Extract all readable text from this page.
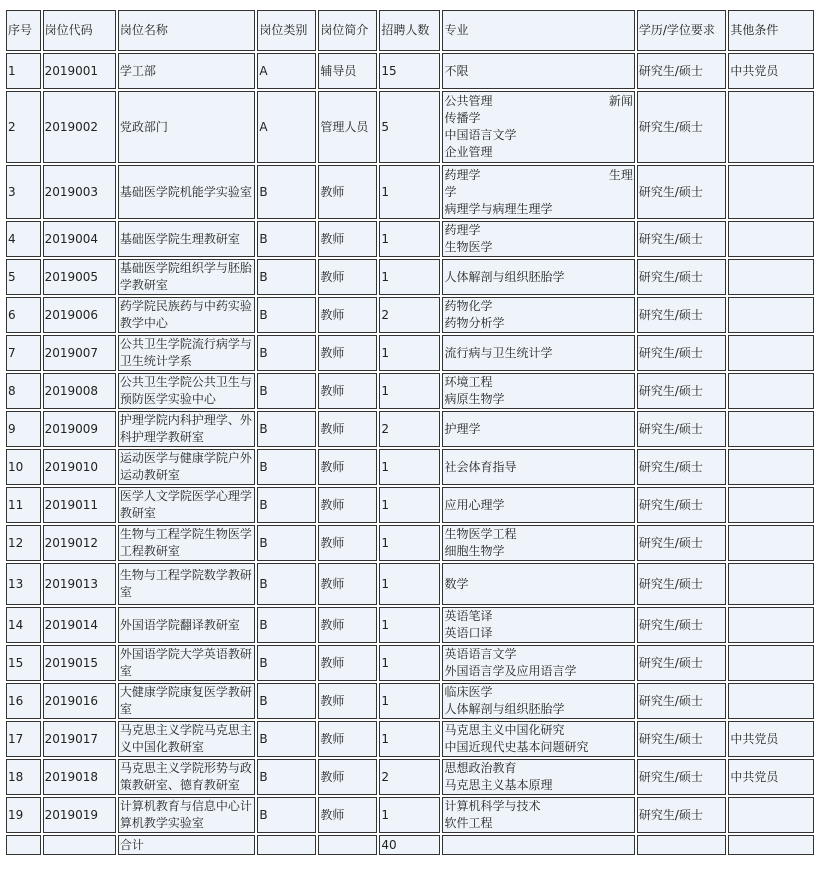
序号	岗位代码	岗位名称	岗位类别	岗位简介	招聘人数	专业	学历/学位要求	其他条件
1	2019001	学工部	A	辅导员	15	不限	研究生/硕士	中共党员
2	2019002	党政部门	A	管理人员	5	公共管理 新闻
传播学
中国语言文学
企业管理	研究生/硕士	
3	2019003	基础医学院机能学实验室	B	教师	1	药理学 生理
学
病理学与病理生理学	研究生/硕士	
4	2019004	基础医学院生理教研室	B	教师	1	药理学
生物医学	研究生/硕士	
5	2019005	基础医学院组织学与胚胎
学教研室	B	教师	1	人体解剖与组织胚胎学	研究生/硕士	
6	2019006	药学院民族药与中药实验
教学中心	B	教师	2	药物化学
药物分析学	研究生/硕士	
7	2019007	公共卫生学院流行病学与
卫生统计学系	B	教师	1	流行病与卫生统计学	研究生/硕士	
8	2019008	公共卫生学院公共卫生与
预防医学实验中心	B	教师	1	环境工程
病原生物学	研究生/硕士	
9	2019009	护理学院内科护理学、外
科护理学教研室	B	教师	2	护理学	研究生/硕士	
10	2019010	运动医学与健康学院户外
运动教研室	B	教师	1	社会体育指导	研究生/硕士	
11	2019011	医学人文学院医学心理学
教研室	B	教师	1	应用心理学	研究生/硕士	
12	2019012	生物与工程学院生物医学
工程教研室	B	教师	1	生物医学工程
细胞生物学	研究生/硕士	
13	2019013	生物与工程学院数学教研
室	B	教师	1	数学	研究生/硕士	
14	2019014	外国语学院翻译教研室	B	教师	1	英语笔译
英语口译	研究生/硕士	
15	2019015	外国语学院大学英语教研
室	B	教师	1	英语语言文学
外国语言学及应用语言学	研究生/硕士	
16	2019016	大健康学院康复医学教研
室	B	教师	1	临床医学
人体解剖与组织胚胎学	研究生/硕士	
17	2019017	马克思主义学院马克思主
义中国化教研室	B	教师	1	马克思主义中国化研究
中国近现代史基本问题研究	研究生/硕士	中共党员
18	2019018	马克思主义学院形势与政
策教研室、德育教研室	B	教师	2	思想政治教育
马克思主义基本原理	研究生/硕士	中共党员
19	2019019	计算机教育与信息中心计
算机教学实验室	B	教师	1	计算机科学与技术
软件工程	研究生/硕士	
		合计			40			
